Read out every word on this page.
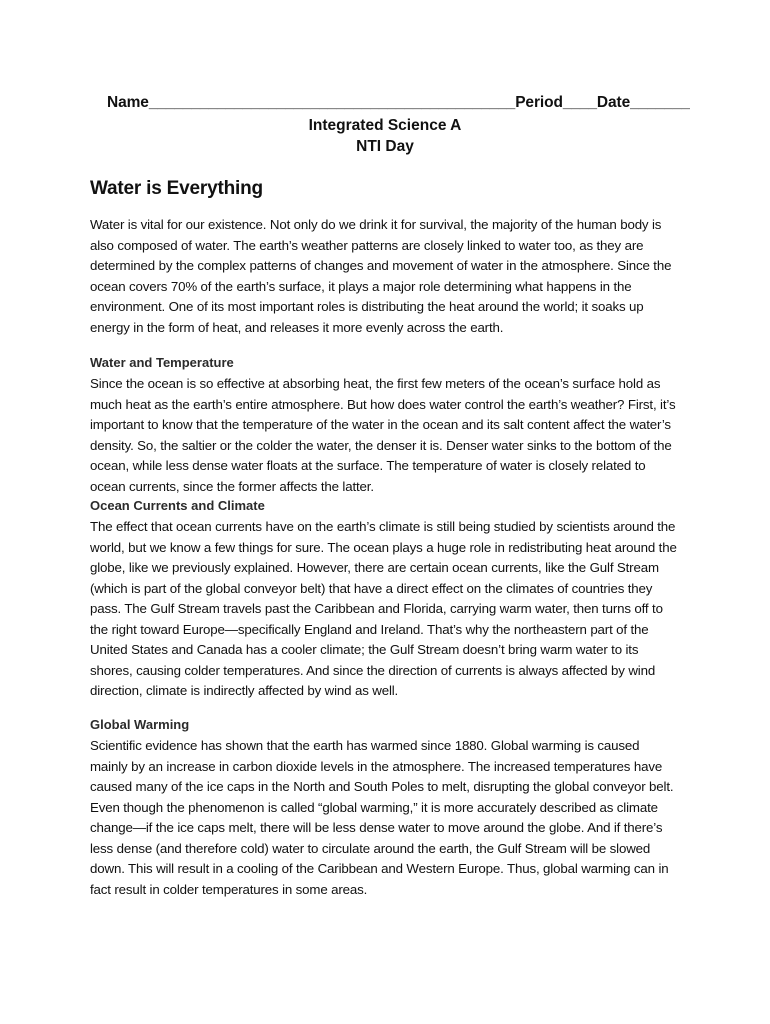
Name___________________________________________Period____Date_______
Integrated Science A
NTI Day
Water is Everything

Water is vital for our existence. Not only do we drink it for survival, the majority of the human body is also composed of water. The earth’s weather patterns are closely linked to water too, as they are determined by the complex patterns of changes and movement of water in the atmosphere. Since the ocean covers 70% of the earth’s surface, it plays a major role determining what happens in the environment. One of its most important roles is distributing the heat around the world; it soaks up energy in the form of heat, and releases it more evenly across the earth.

Water and Temperature

Since the ocean is so effective at absorbing heat, the first few meters of the ocean’s surface hold as much heat as the earth’s entire atmosphere. But how does water control the earth’s weather? First, it’s important to know that the temperature of the water in the ocean and its salt content affect the water’s density. So, the saltier or the colder the water, the denser it is. Denser water sinks to the bottom of the ocean, while less dense water floats at the surface. The temperature of water is closely related to ocean currents, since the former affects the latter.

Ocean Currents and Climate

The effect that ocean currents have on the earth’s climate is still being studied by scientists around the world, but we know a few things for sure. The ocean plays a huge role in redistributing heat around the globe, like we previously explained. However, there are certain ocean currents, like the Gulf Stream (which is part of the global conveyor belt) that have a direct effect on the climates of countries they pass. The Gulf Stream travels past the Caribbean and Florida, carrying warm water, then turns off to the right toward Europe—specifically England and Ireland. That’s why the northeastern part of the United States and Canada has a cooler climate; the Gulf Stream doesn’t bring warm water to its shores, causing colder temperatures. And since the direction of currents is always affected by wind direction, climate is indirectly affected by wind as well.

Global Warming

Scientific evidence has shown that the earth has warmed since 1880. Global warming is caused mainly by an increase in carbon dioxide levels in the atmosphere. The increased temperatures have caused many of the ice caps in the North and South Poles to melt, disrupting the global conveyor belt. Even though the phenomenon is called “global warming,” it is more accurately described as climate change—if the ice caps melt, there will be less dense water to move around the globe. And if there’s less dense (and therefore cold) water to circulate around the earth, the Gulf Stream will be slowed down. This will result in a cooling of the Caribbean and Western Europe. Thus, global warming can in fact result in colder temperatures in some areas.
